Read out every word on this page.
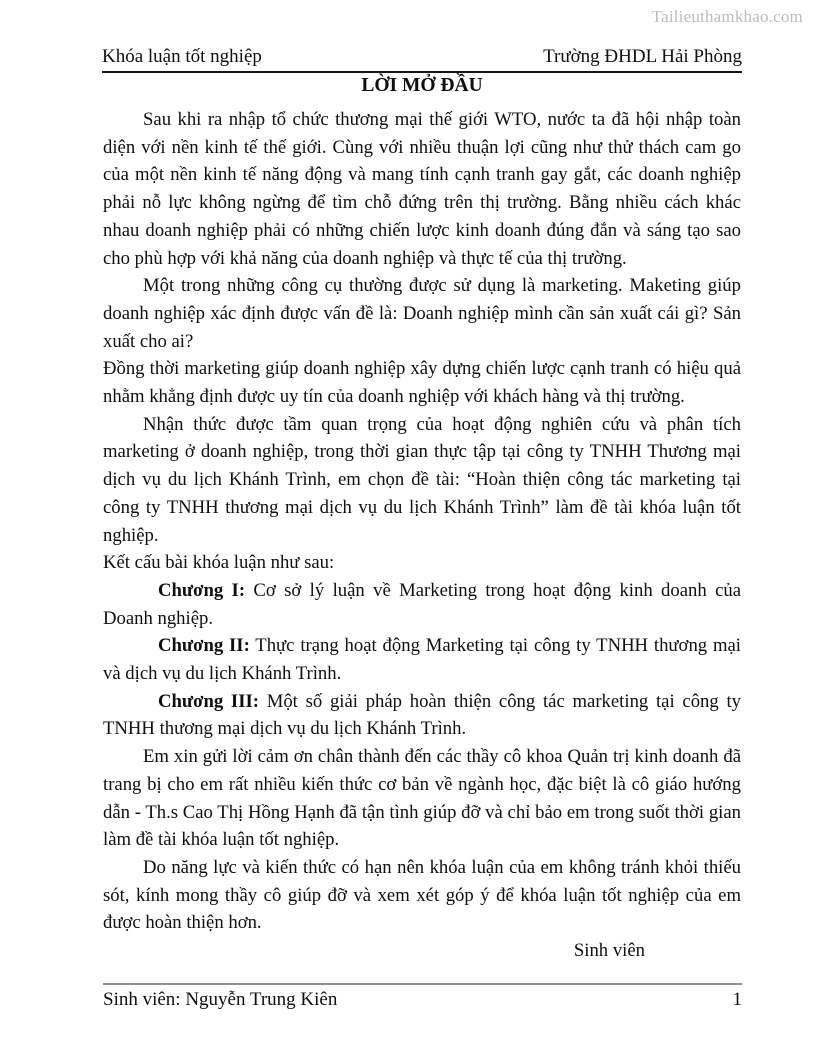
Tailieuthamkhao.com
Khóa luận tốt nghiệp	Trường ĐHDL Hải Phòng
LỜI MỞ ĐẦU

Sau khi ra nhập tổ chức thương mại thế giới WTO, nước ta đã hội nhập toàn diện với nền kinh tế thế giới. Cùng với nhiều thuận lợi cũng như thử thách cam go của một nền kinh tế năng động và mang tính cạnh tranh gay gắt, các doanh nghiệp phải nỗ lực không ngừng để tìm chỗ đứng trên thị trường. Bằng nhiều cách khác nhau doanh nghiệp phải có những chiến lược kinh doanh đúng đắn và sáng tạo sao cho phù hợp với khả năng của doanh nghiệp và thực tế của thị trường.

Một trong những công cụ thường được sử dụng là marketing. Maketing giúp doanh nghiệp xác định được vấn đề là: Doanh nghiệp mình cần sản xuất cái gì? Sản xuất cho ai?

Đồng thời marketing giúp doanh nghiệp xây dựng chiến lược cạnh tranh có hiệu quả nhằm khẳng định được uy tín của doanh nghiệp với khách hàng và thị trường.

Nhận thức được tầm quan trọng của hoạt động nghiên cứu và phân tích marketing ở doanh nghiệp, trong thời gian thực tập tại công ty TNHH Thương mại dịch vụ du lịch Khánh Trình, em chọn đề tài: “Hoàn thiện công tác marketing tại công ty TNHH thương mại dịch vụ du lịch Khánh Trình” làm đề tài khóa luận tốt nghiệp.

Kết cấu bài khóa luận như sau:

Chương I: Cơ sở lý luận về Marketing trong hoạt động kinh doanh của Doanh nghiệp.

Chương II: Thực trạng hoạt động Marketing tại công ty TNHH thương mại và dịch vụ du lịch Khánh Trình.

Chương III: Một số giải pháp hoàn thiện công tác marketing tại công ty TNHH thương mại dịch vụ du lịch Khánh Trình.

Em xin gửi lời cảm ơn chân thành đến các thầy cô khoa Quản trị kinh doanh đã trang bị cho em rất nhiều kiến thức cơ bản về ngành học, đặc biệt là cô giáo hướng dẫn - Th.s Cao Thị Hồng Hạnh đã tận tình giúp đỡ và chỉ bảo em trong suốt thời gian làm đề tài khóa luận tốt nghiệp.

Do năng lực và kiến thức có hạn nên khóa luận của em không tránh khỏi thiếu sót, kính mong thầy cô giúp đỡ và xem xét góp ý để khóa luận tốt nghiệp của em được hoàn thiện hơn.

Sinh viên

Sinh viên: Nguyễn Trung Kiên	1
